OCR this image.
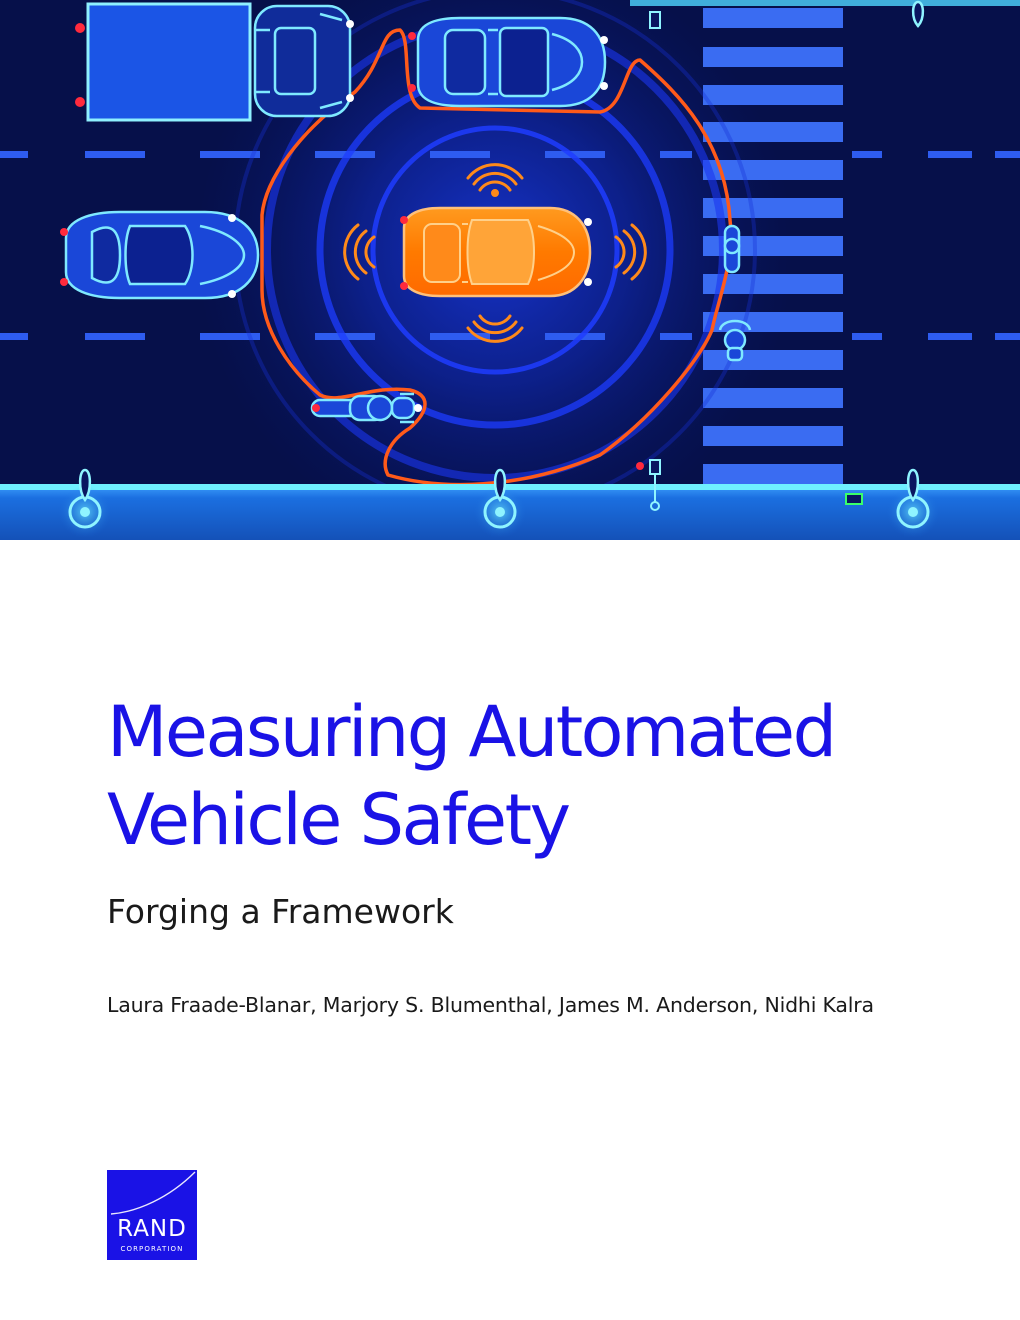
Measuring Automated
Vehicle Safety
Forging a Framework

Laura Fraade-Blanar, Marjory S. Blumenthal, James M. Anderson, Nidhi Kalra

RAND
CORPORATION
